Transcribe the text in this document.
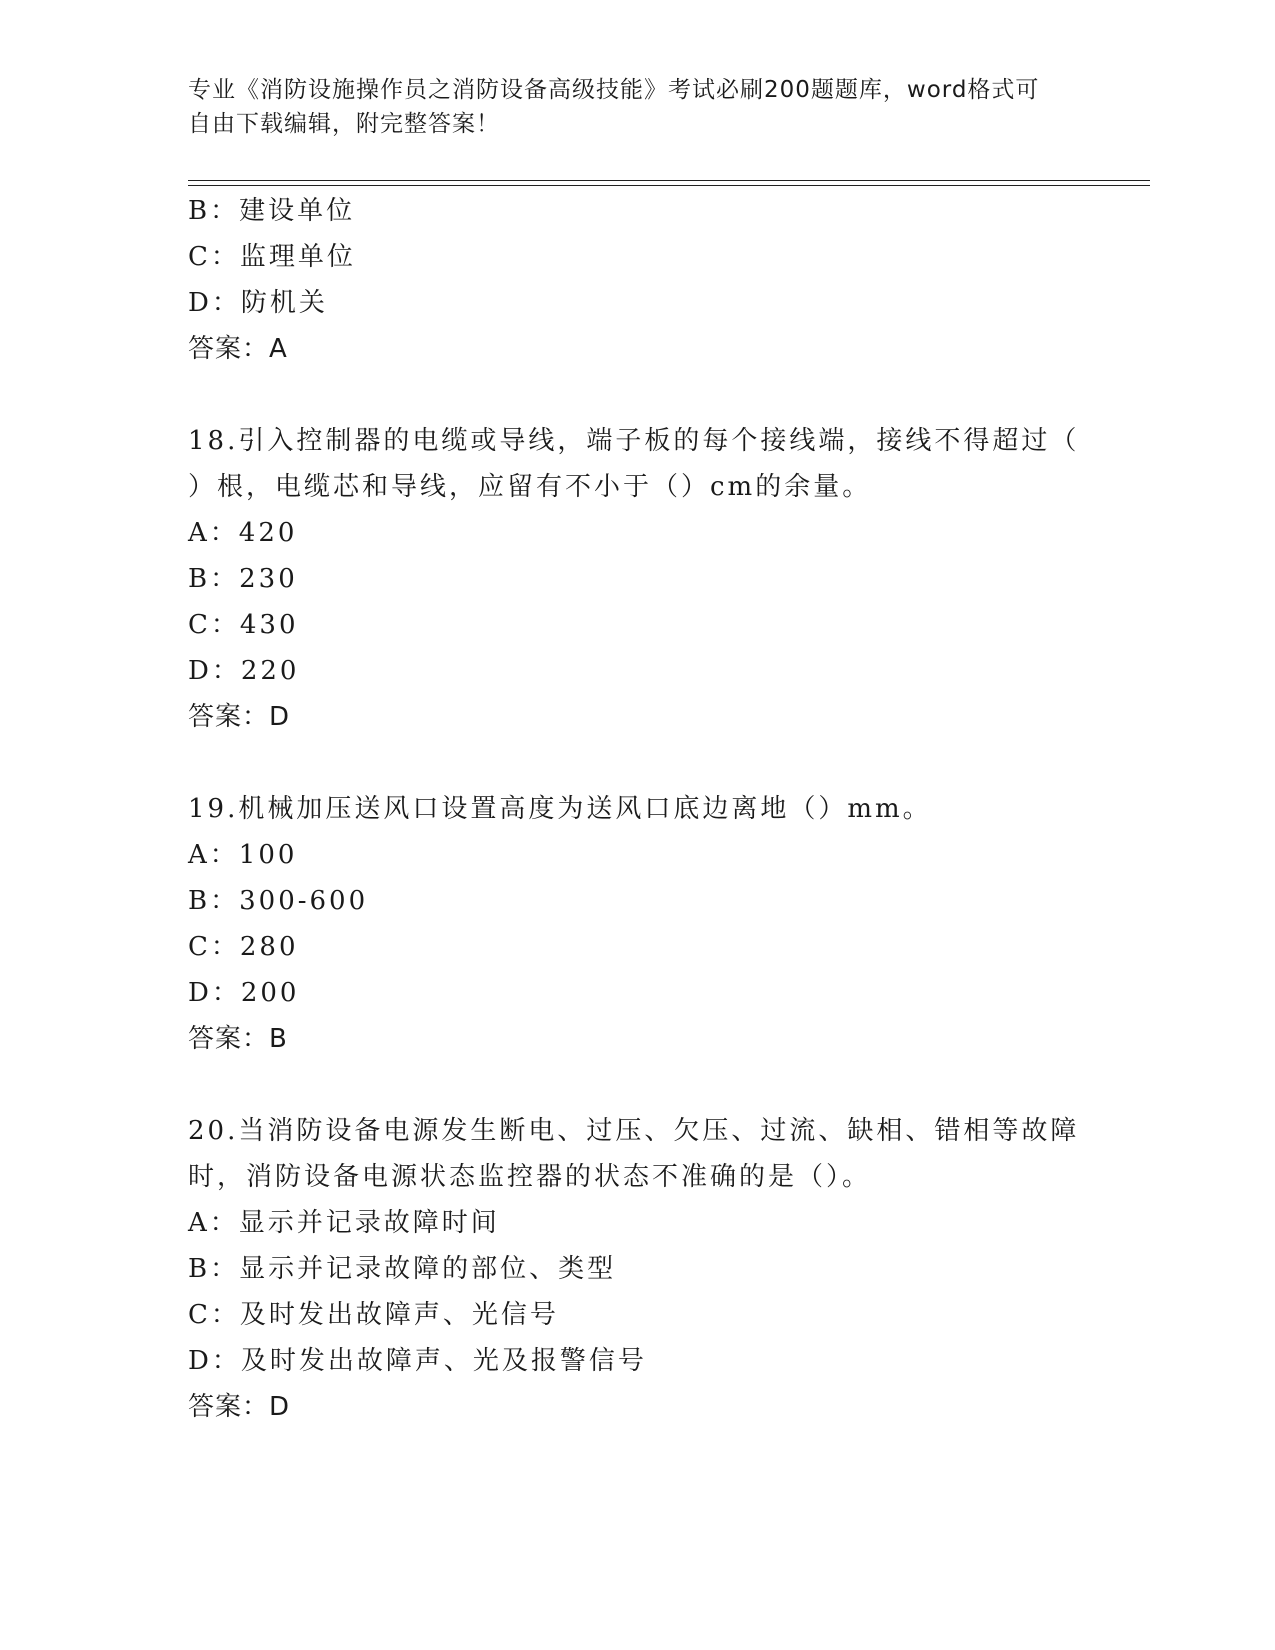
专业《消防设施操作员之消防设备高级技能》考试必刷200题题库，word格式可
自由下载编辑，附完整答案！

B：建设单位

C：监理单位

D：防机关

答案：A

18.引入控制器的电缆或导线，端子板的每个接线端，接线不得超过（

）根，电缆芯和导线，应留有不小于（）cm的余量。

A：420

B：230

C：430

D：220

答案：D

19.机械加压送风口设置高度为送风口底边离地（）mm。

A：100

B：300-600

C：280

D：200

答案：B

20.当消防设备电源发生断电、过压、欠压、过流、缺相、错相等故障

时，消防设备电源状态监控器的状态不准确的是（）。

A：显示并记录故障时间

B：显示并记录故障的部位、类型

C：及时发出故障声、光信号

D：及时发出故障声、光及报警信号

答案：D
